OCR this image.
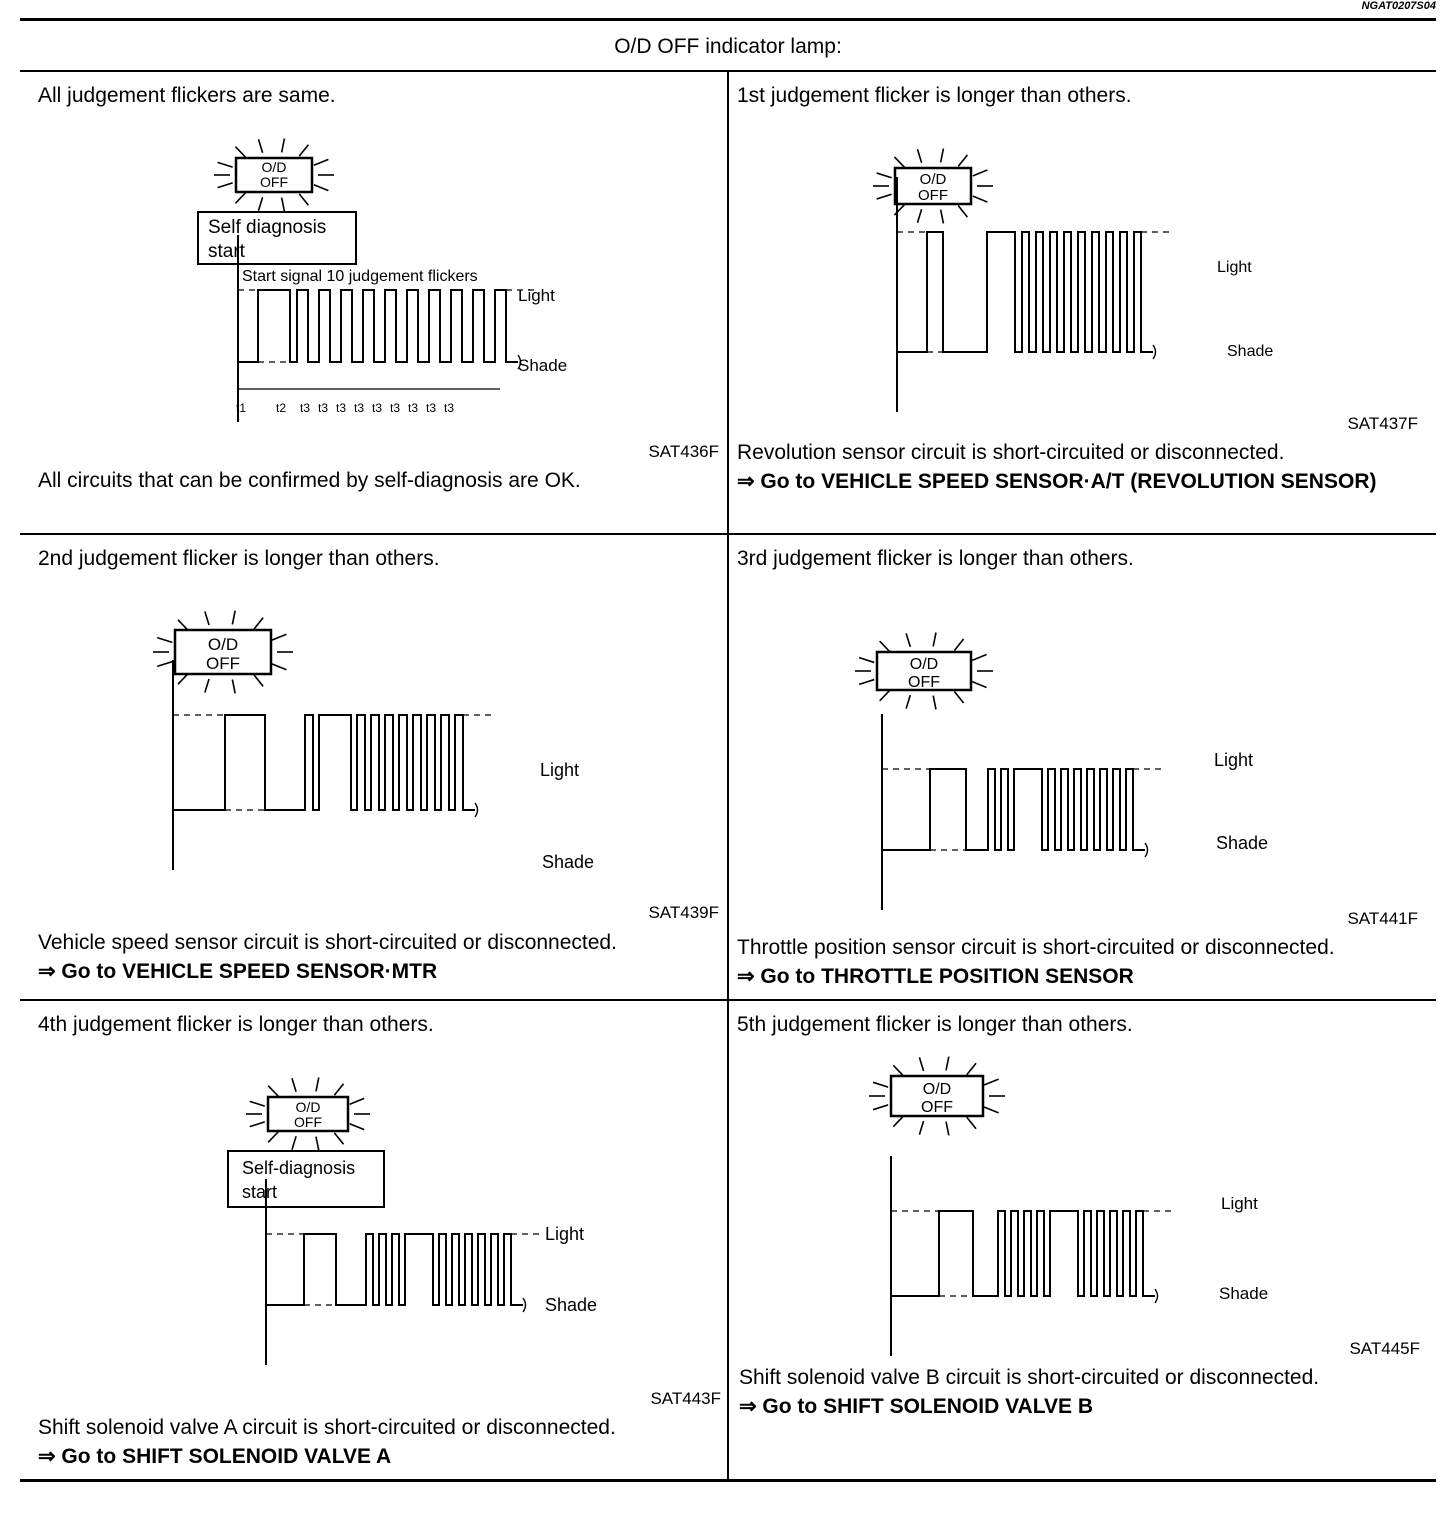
NGAT0207S04
O/D OFF indicator lamp:
All judgement flickers are same.
O/D
OFF
Self diagnosis
start
Start signal 10 judgement flickers
Light
Shade
t1 t2 t3 t3 t3 t3 t3 t3 t3 t3 t3
SAT436F
All circuits that can be confirmed by self-diagnosis are OK.
1st judgement flicker is longer than others.
O/D
OFF
Light
Shade
SAT437F
Revolution sensor circuit is short-circuited or disconnected.
⇒ Go to VEHICLE SPEED SENSOR·A/T (REVOLUTION SENSOR)
2nd judgement flicker is longer than others.
O/D
OFF
Light
Shade
SAT439F
Vehicle speed sensor circuit is short-circuited or disconnected.
⇒ Go to VEHICLE SPEED SENSOR·MTR
3rd judgement flicker is longer than others.
O/D
OFF
Light
Shade
SAT441F
Throttle position sensor circuit is short-circuited or disconnected.
⇒ Go to THROTTLE POSITION SENSOR
4th judgement flicker is longer than others.
O/D
OFF
Self-diagnosis
start
Light
Shade
SAT443F
Shift solenoid valve A circuit is short-circuited or disconnected.
⇒ Go to SHIFT SOLENOID VALVE A
5th judgement flicker is longer than others.
O/D
OFF
Light
Shade
SAT445F
Shift solenoid valve B circuit is short-circuited or disconnected.
⇒ Go to SHIFT SOLENOID VALVE B
